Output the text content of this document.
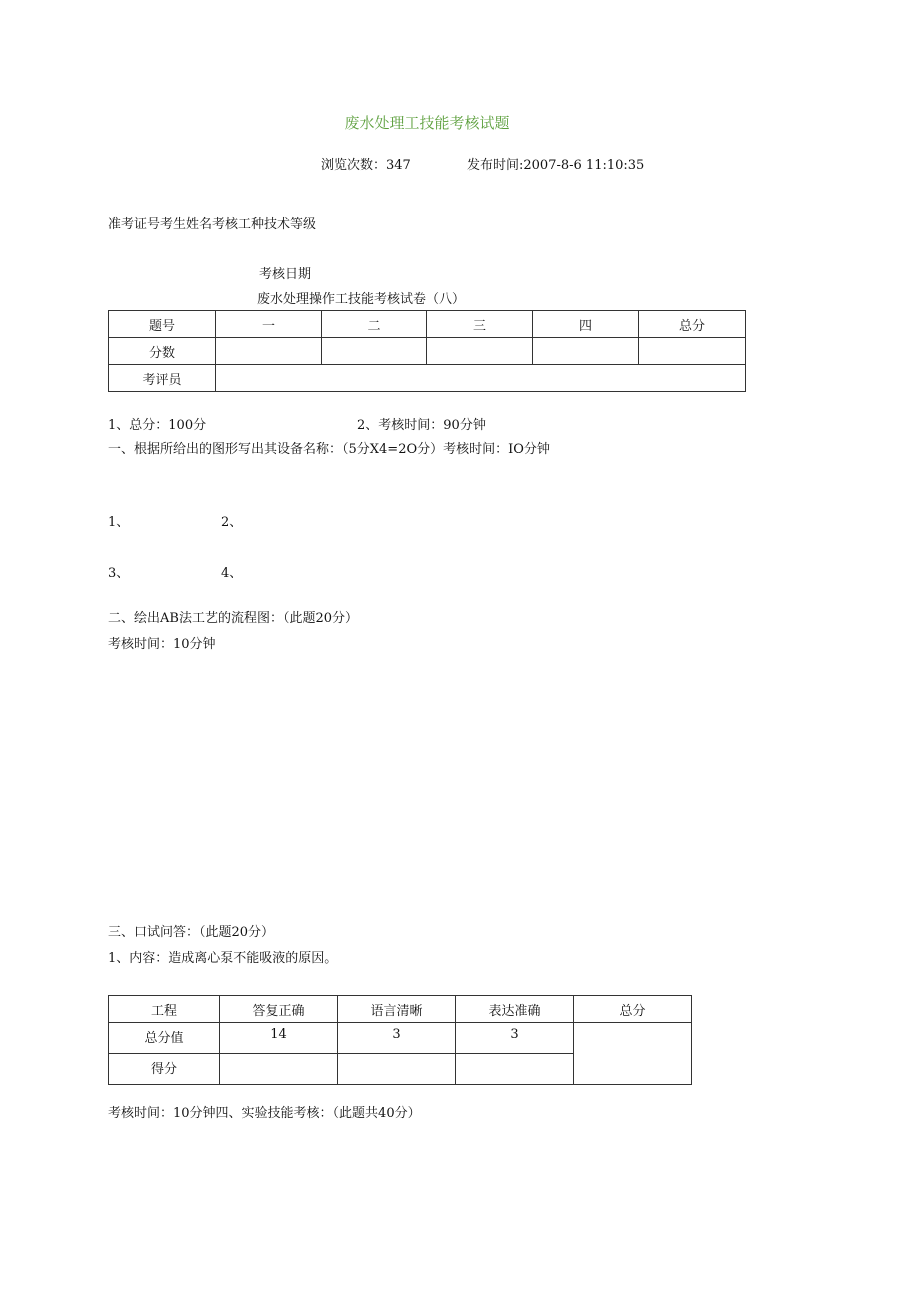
废水处理工技能考核试题
浏览次数：347	发布时间:2007-8-6 11:10:35
准考证号考生姓名考核工种技术等级
考核日期
废水处理操作工技能考核试卷（八）
题号	一	二	三	四	总分
分数					
考评员					
1、总分：100分	2、考核时间：90分钟
一、根据所给出的图形写出其设备名称：（5分X4=2O分）考核时间：IO分钟
1、	2、
3、	4、
二、绘出AB法工艺的流程图：（此题20分）
考核时间：10分钟
三、口试问答：（此题20分）
1、内容：造成离心泵不能吸液的原因。
工程	答复正确	语言清晰	表达准确	总分
总分值	14	3	3	
得分				
考核时间：10分钟四、实验技能考核：（此题共40分）
